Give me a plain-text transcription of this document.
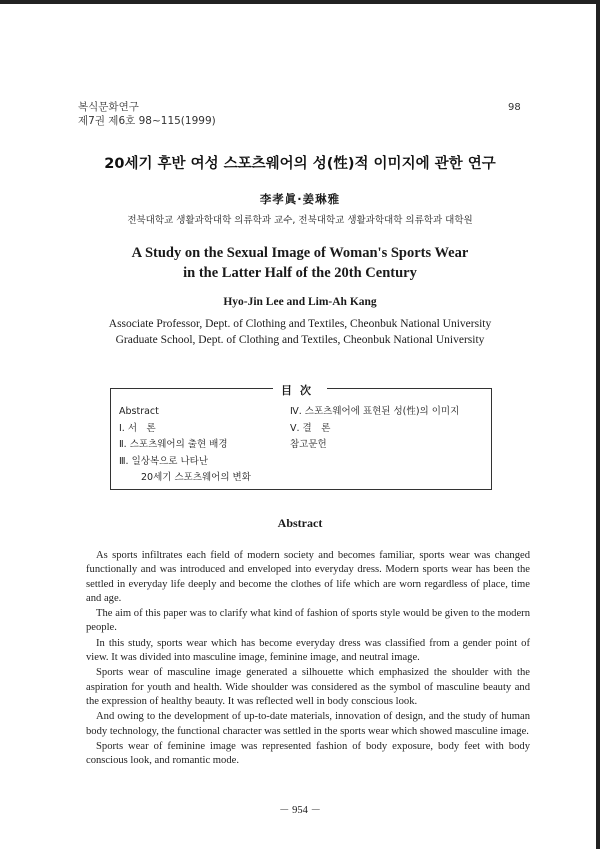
복식문화연구
제7권 제6호 98~115(1999)
98
20세기 후반 여성 스포츠웨어의 성(性)적 이미지에 관한 연구
李孝眞·姜琳雅
전북대학교 생활과학대학 의류학과 교수, 전북대학교 생활과학대학 의류학과 대학원
A Study on the Sexual Image of Woman's Sports Wear
in the Latter Half of the 20th Century
Hyo-Jin Lee and Lim-Ah Kang
Associate Professor, Dept. of Clothing and Textiles, Cheonbuk National University
Graduate School, Dept. of Clothing and Textiles, Cheonbuk National University
目次
Abstract
Ⅰ. 서　론
Ⅱ. 스포츠웨어의 출현 배경
Ⅲ. 일상복으로 나타난
20세기 스포츠웨어의 변화
Ⅳ. 스포츠웨어에 표현된 성(性)의 이미지
Ⅴ. 결　론
참고문헌
Abstract

As sports infiltrates each field of modern society and becomes familiar, sports wear was changed functionally and was introduced and enveloped into everyday dress. Modern sports wear has been the settled in everyday life deeply and become the clothes of life which are worn regardless of place, time and age.

The aim of this paper was to clarify what kind of fashion of sports style would be given to the modern people.

In this study, sports wear which has become everyday dress was classified from a gender point of view. It was divided into masculine image, feminine image, and neutral image.

Sports wear of masculine image generated a silhouette which emphasized the shoulder with the aspiration for youth and health. Wide shoulder was considered as the symbol of masculine beauty and the expression of healthy beauty. It was reflected well in body conscious look.

And owing to the development of up-to-date materials, innovation of design, and the study of human body technology, the functional character was settled in the sports wear which showed masculine image.

Sports wear of feminine image was represented fashion of body exposure, body feet with body conscious look, and romantic mode.

－ 954 －
